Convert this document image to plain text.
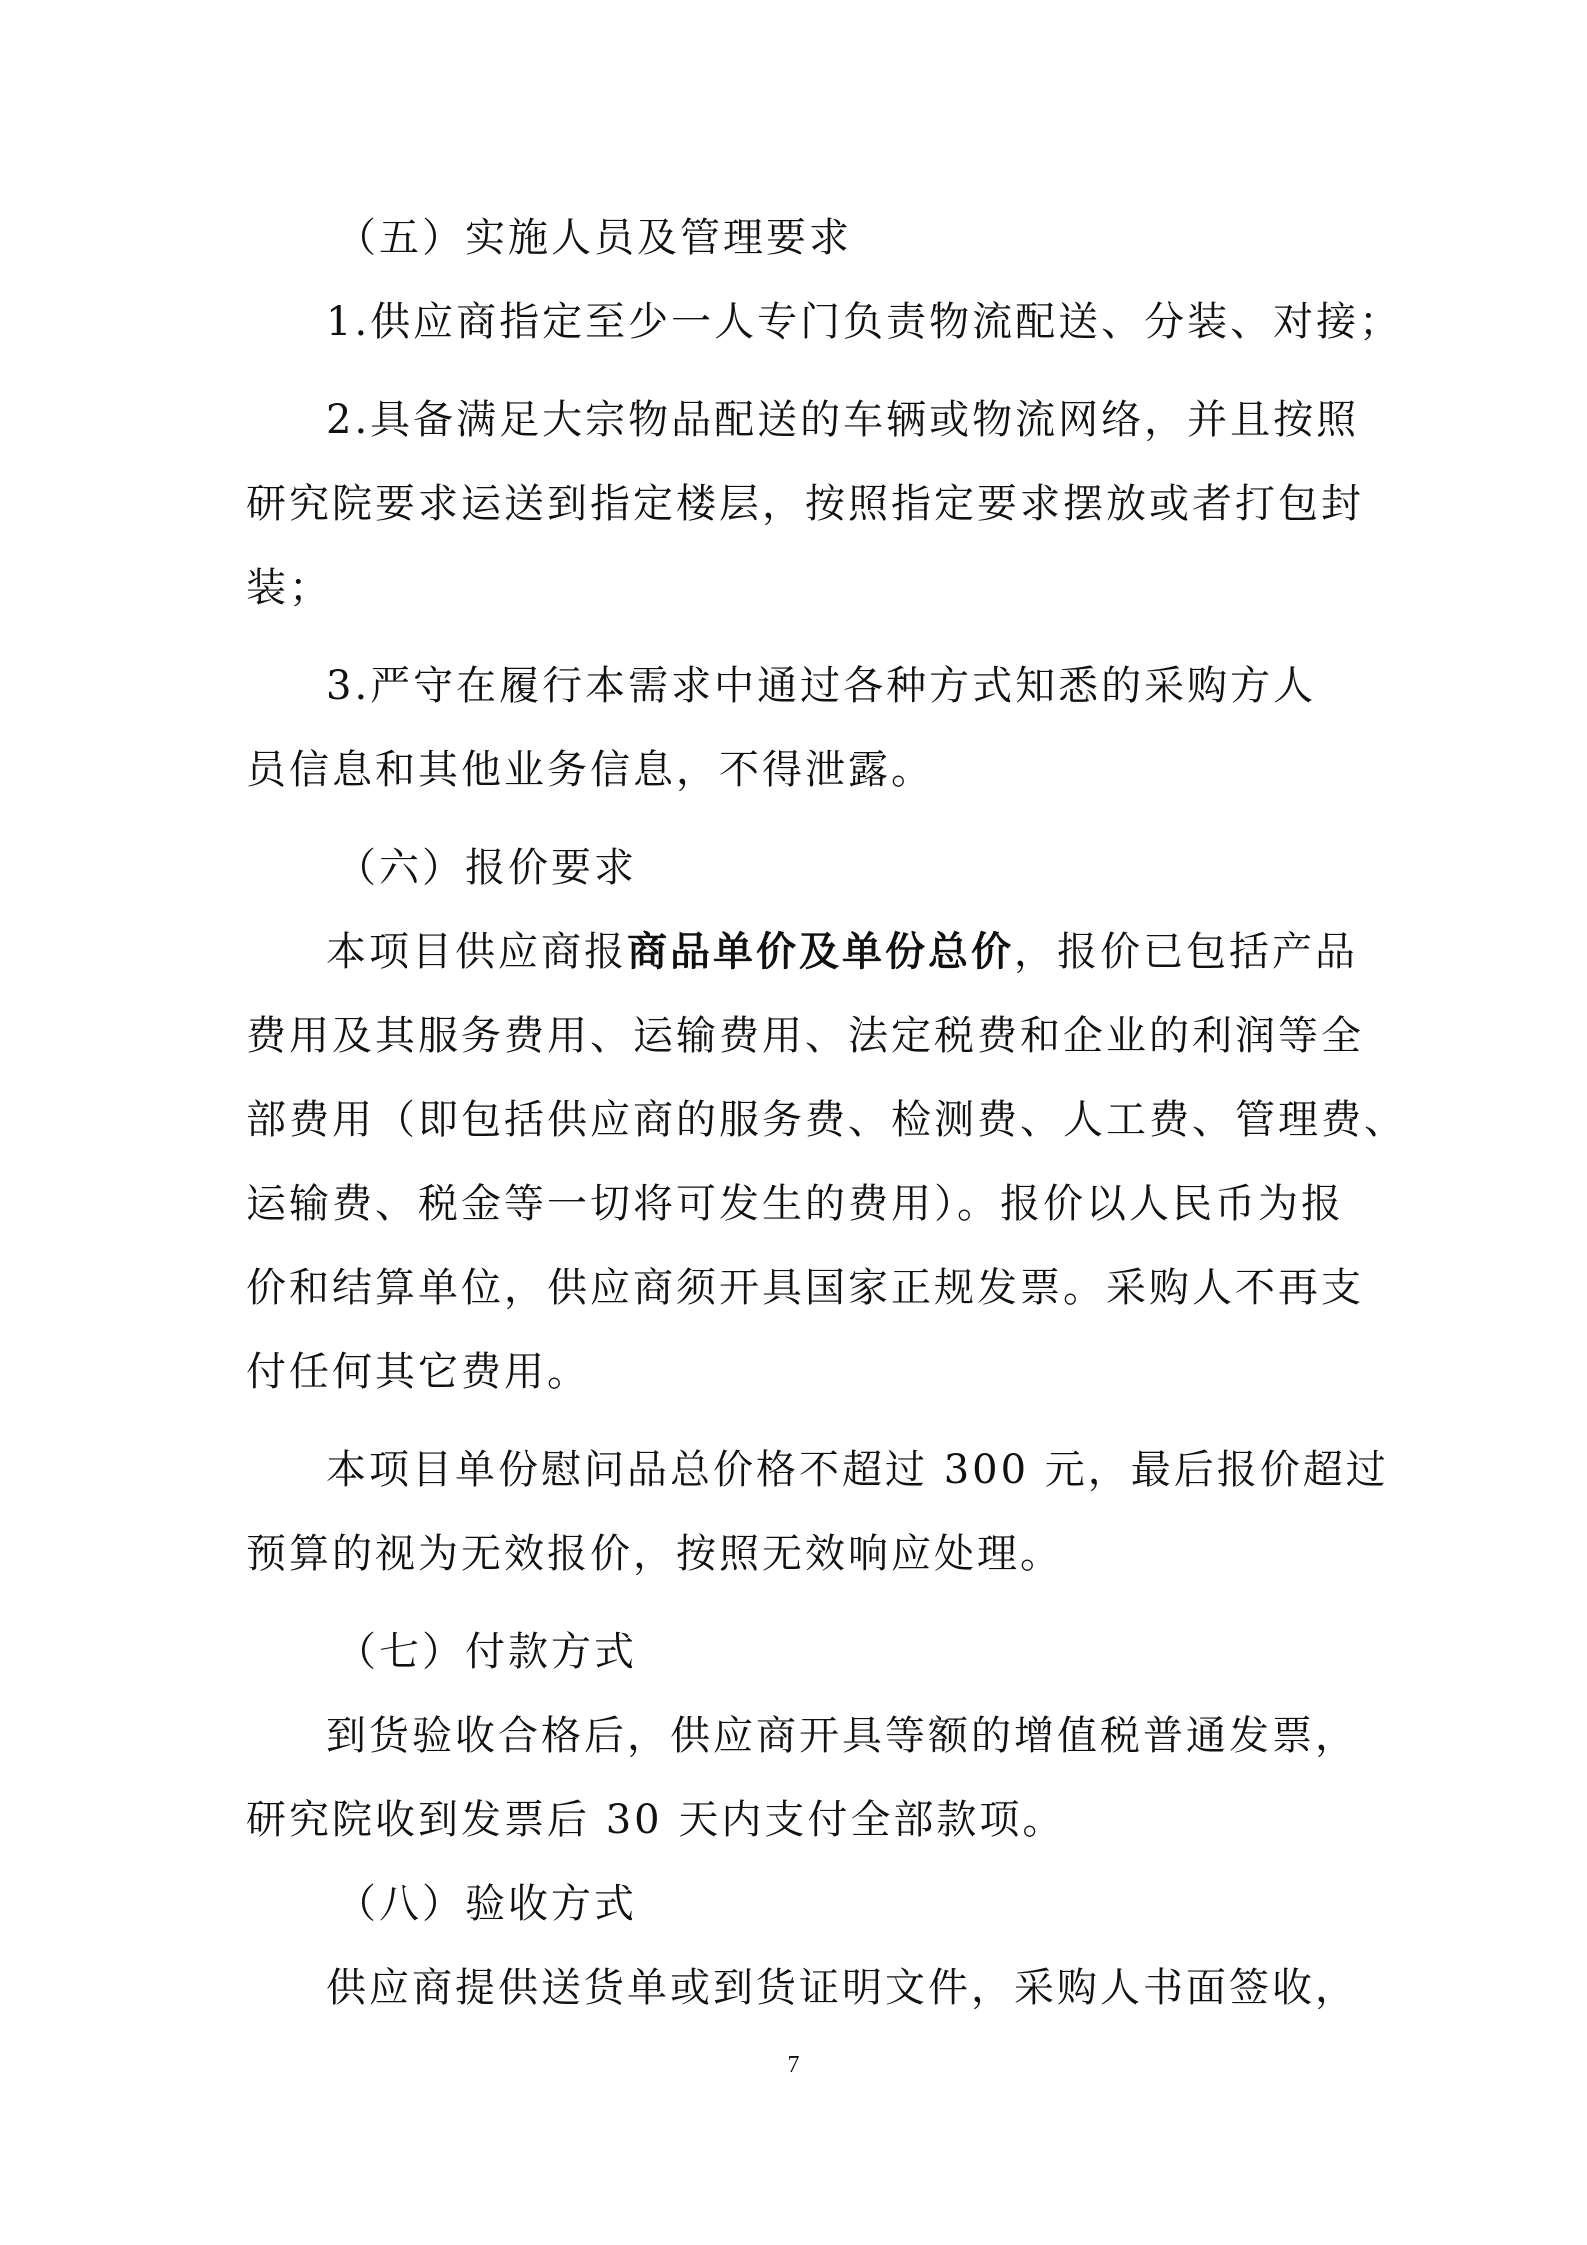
（五）实施人员及管理要求
1.供应商指定至少一人专门负责物流配送、分装、对接；
2.具备满足大宗物品配送的车辆或物流网络，并且按照
研究院要求运送到指定楼层，按照指定要求摆放或者打包封
装；
3.严守在履行本需求中通过各种方式知悉的采购方人
员信息和其他业务信息，不得泄露。
（六）报价要求
本项目供应商报商品单价及单份总价，报价已包括产品
费用及其服务费用、运输费用、法定税费和企业的利润等全
部费用（即包括供应商的服务费、检测费、人工费、管理费、
运输费、税金等一切将可发生的费用）。报价以人民币为报
价和结算单位，供应商须开具国家正规发票。采购人不再支
付任何其它费用。
本项目单份慰问品总价格不超过 300 元，最后报价超过
预算的视为无效报价，按照无效响应处理。
（七）付款方式
到货验收合格后，供应商开具等额的增值税普通发票，
研究院收到发票后 30 天内支付全部款项。
（八）验收方式
供应商提供送货单或到货证明文件，采购人书面签收，
7
